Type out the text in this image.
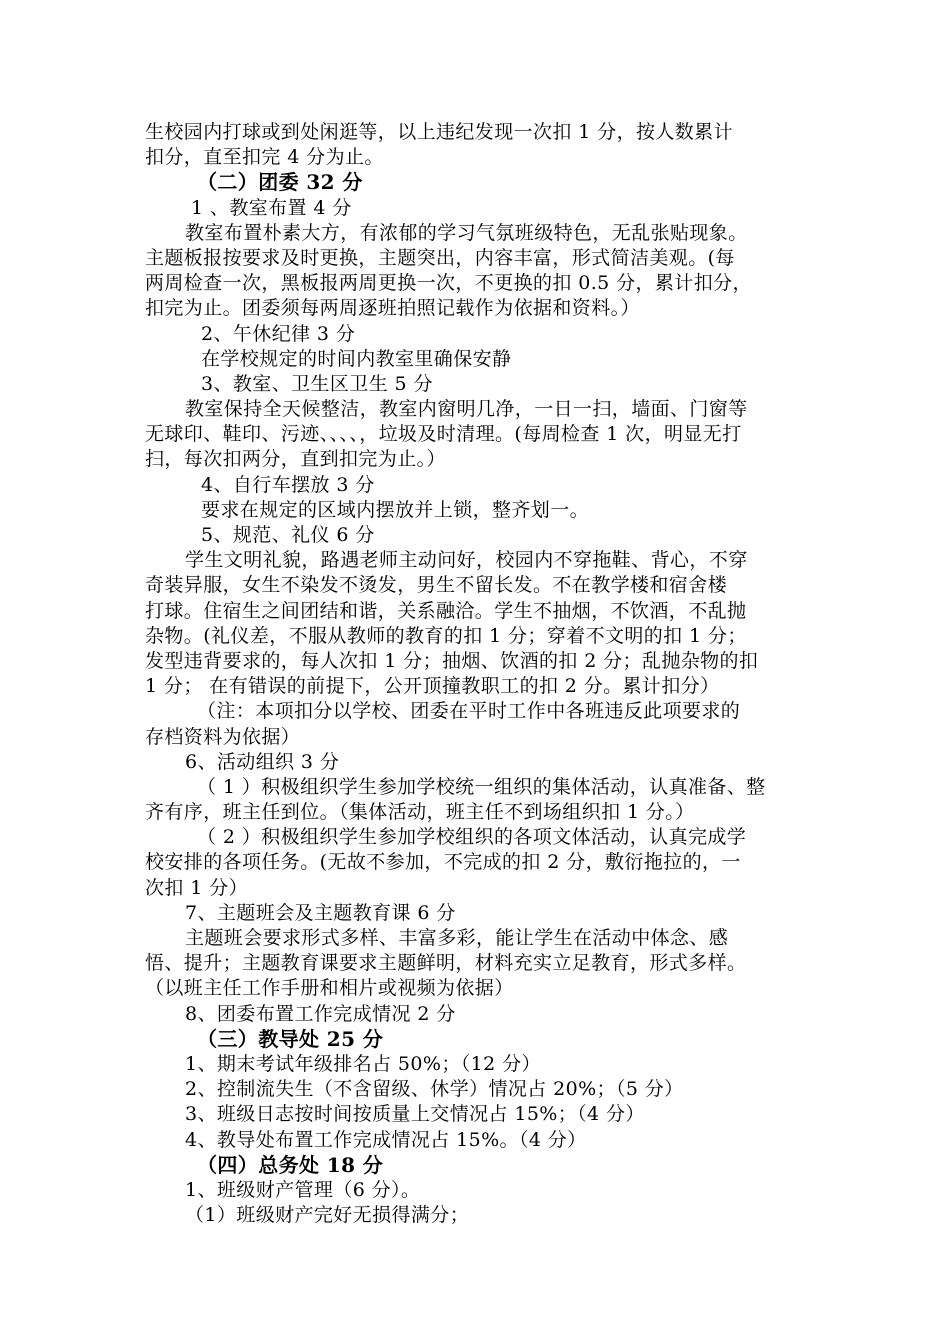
生校园内打球或到处闲逛等，以上违纪发现一次扣 1 分，按人数累计
扣分，直至扣完 4 分为止。
（二）团委 32 分
1 、教室布置 4 分
教室布置朴素大方，有浓郁的学习气氛班级特色，无乱张贴现象。
主题板报按要求及时更换，主题突出，内容丰富，形式简洁美观。(每
两周检查一次，黑板报两周更换一次，不更换的扣 0.5 分，累计扣分，
扣完为止。团委须每两周逐班拍照记载作为依据和资料。）
2、午休纪律 3 分
在学校规定的时间内教室里确保安静
3、教室、卫生区卫生 5 分
教室保持全天候整洁，教室内窗明几净，一日一扫，墙面、门窗等
无球印、鞋印、污迹、、、、，垃圾及时清理。(每周检查 1 次，明显无打
扫，每次扣两分，直到扣完为止。）
4、自行车摆放 3 分
要求在规定的区域内摆放并上锁，整齐划一。
5、规范、礼仪 6 分
学生文明礼貌，路遇老师主动问好，校园内不穿拖鞋、背心，不穿
奇装异服，女生不染发不烫发，男生不留长发。不在教学楼和宿舍楼
打球。住宿生之间团结和谐，关系融洽。学生不抽烟，不饮酒，不乱抛
杂物。(礼仪差，不服从教师的教育的扣 1 分；穿着不文明的扣 1 分；
发型违背要求的，每人次扣 1 分；抽烟、饮酒的扣 2 分；乱抛杂物的扣
1 分； 在有错误的前提下，公开顶撞教职工的扣 2 分。累计扣分）
（注：本项扣分以学校、团委在平时工作中各班违反此项要求的
存档资料为依据）
6、活动组织 3 分
（ 1 ）积极组织学生参加学校统一组织的集体活动，认真准备、整
齐有序，班主任到位。（集体活动，班主任不到场组织扣 1 分。）
（ 2 ）积极组织学生参加学校组织的各项文体活动，认真完成学
校安排的各项任务。(无故不参加，不完成的扣 2 分，敷衍拖拉的，一
次扣 1 分）
7、主题班会及主题教育课 6 分
主题班会要求形式多样、丰富多彩，能让学生在活动中体念、感
悟、提升；主题教育课要求主题鲜明，材料充实立足教育，形式多样。
（以班主任工作手册和相片或视频为依据）
8、团委布置工作完成情况 2 分
（三）教导处 25 分
1、期末考试年级排名占 50%；（12 分）
2、控制流失生（不含留级、休学）情况占 20%；（5 分）
3、班级日志按时间按质量上交情况占 15%；（4 分）
4、教导处布置工作完成情况占 15%。（4 分）
（四）总务处 18 分
1、班级财产管理（6 分）。
（1）班级财产完好无损得满分；
